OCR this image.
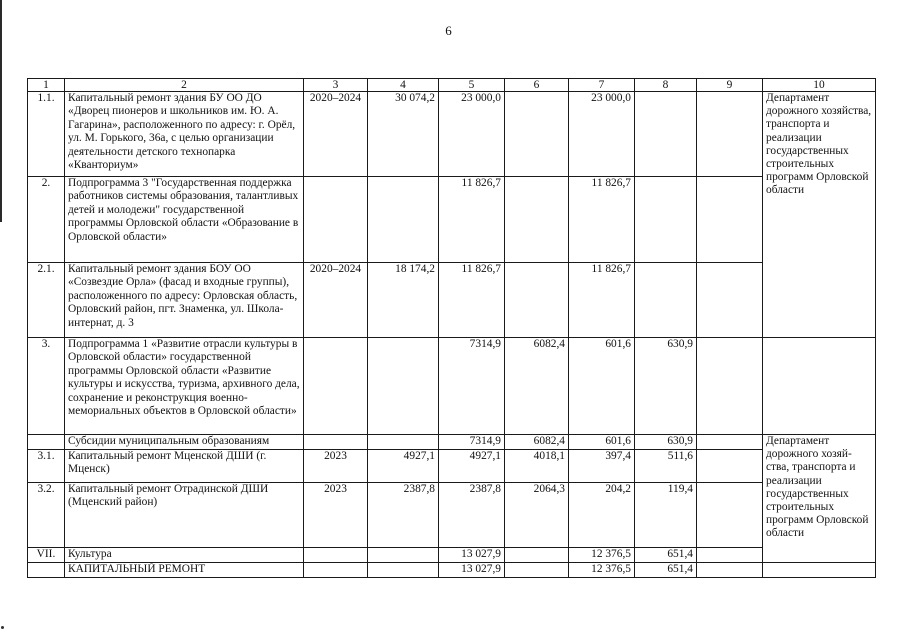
6
1	2	3	4	5	6	7	8	9	10
1.1.	Капитальный ремонт здания БУ ОО ДО «Дворец пионеров и школьников им. Ю. А. Гагарина», расположенного по адресу: г. Орёл, ул. М. Горького, 36а, с целью организации деятельности детского технопарка «Кванториум»	2020–2024	30 074,2	23 000,0		23 000,0			Департамент дорожного хозяйства, транспорта и реализации государственных строительных программ Орловской области
2.	Подпрограмма 3 "Государственная поддержка работников системы образования, талантливых детей и молодежи" государственной программы Орловской области «Образование в Орловской области»			11 826,7		11 826,7			
2.1.	Капитальный ремонт здания БОУ ОО «Созвездие Орла» (фасад и входные группы), расположенного по адресу: Орловская область, Орловский район, пгт. Знаменка, ул. Школа-интернат, д. 3	2020–2024	18 174,2	11 826,7		11 826,7			
3.	Подпрограмма 1 «Развитие отрасли культуры в Орловской области» государственной программы Орловской области «Развитие культуры и искусства, туризма, архивного дела, сохранение и реконструкция военно-мемориальных объектов в Орловской области»			7314,9	6082,4	601,6	630,9		
	Субсидии муниципальным образованиям			7314,9	6082,4	601,6	630,9		Департамент дорожного хозяй-ства, транспорта и реализации государственных строительных программ Орловской области
3.1.	Капитальный ремонт Мценской ДШИ (г. Мценск)	2023	4927,1	4927,1	4018,1	397,4	511,6		
3.2.	Капитальный ремонт Отрадинской ДШИ (Мценский район)	2023	2387,8	2387,8	2064,3	204,2	119,4		
VII.	Культура			13 027,9		12 376,5	651,4		
	КАПИТАЛЬНЫЙ РЕМОНТ			13 027,9		12 376,5	651,4		
